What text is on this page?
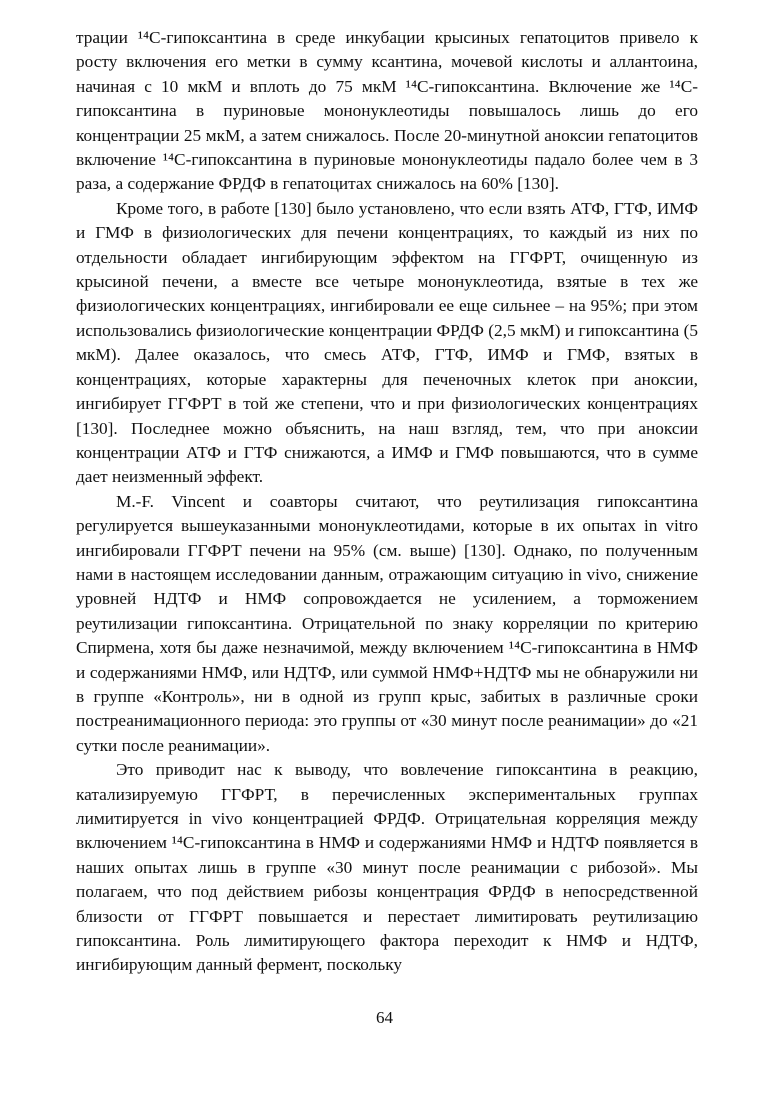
трации ¹⁴С-гипоксантина в среде инкубации крысиных гепатоцитов привело к росту включения его метки в сумму ксантина, мочевой кислоты и аллантоина, начиная с 10 мкМ и вплоть до 75 мкМ ¹⁴С-гипоксантина. Включение же ¹⁴С-гипоксантина в пуриновые мононуклеотиды повышалось лишь до его концентрации 25 мкМ, а затем снижалось. После 20-минутной аноксии гепатоцитов включение ¹⁴С-гипоксантина в пуриновые мононуклеотиды падало более чем в 3 раза, а содержание ФРДФ в гепатоцитах снижалось на 60% [130].

Кроме того, в работе [130] было установлено, что если взять АТФ, ГТФ, ИМФ и ГМФ в физиологических для печени концентрациях, то каждый из них по отдельности обладает ингибирующим эффектом на ГГФРТ, очищенную из крысиной печени, а вместе все четыре мононуклеотида, взятые в тех же физиологических концентрациях, ингибировали ее еще сильнее – на 95%; при этом использовались физиологические концентрации ФРДФ (2,5 мкМ) и гипоксантина (5 мкМ). Далее оказалось, что смесь АТФ, ГТФ, ИМФ и ГМФ, взятых в концентрациях, которые характерны для печеночных клеток при аноксии, ингибирует ГГФРТ в той же степени, что и при физиологических концентрациях [130]. Последнее можно объяснить, на наш взгляд, тем, что при аноксии концентрации АТФ и ГТФ снижаются, а ИМФ и ГМФ повышаются, что в сумме дает неизменный эффект.

M.-F. Vincent и соавторы считают, что реутилизация гипоксантина регулируется вышеуказанными мононуклеотидами, которые в их опытах in vitro ингибировали ГГФРТ печени на 95% (см. выше) [130]. Однако, по полученным нами в настоящем исследовании данным, отражающим ситуацию in vivo, снижение уровней НДТФ и НМФ сопровождается не усилением, а торможением реутилизации гипоксантина. Отрицательной по знаку корреляции по критерию Спирмена, хотя бы даже незначимой, между включением ¹⁴С-гипоксантина в НМФ и содержаниями НМФ, или НДТФ, или суммой НМФ+НДТФ мы не обнаружили ни в группе «Контроль», ни в одной из групп крыс, забитых в различные сроки постреанимационного периода: это группы от «30 минут после реанимации» до «21 сутки после реанимации».

Это приводит нас к выводу, что вовлечение гипоксантина в реакцию, катализируемую ГГФРТ, в перечисленных экспериментальных группах лимитируется in vivo концентрацией ФРДФ. Отрицательная корреляция между включением ¹⁴С-гипоксантина в НМФ и содержаниями НМФ и НДТФ появляется в наших опытах лишь в группе «30 минут после реанимации с рибозой». Мы полагаем, что под действием рибозы концентрация ФРДФ в непосредственной близости от ГГФРТ повышается и перестает лимитировать реутилизацию гипоксантина. Роль лимитирующего фактора переходит к НМФ и НДТФ, ингибирующим данный фермент, поскольку

64
